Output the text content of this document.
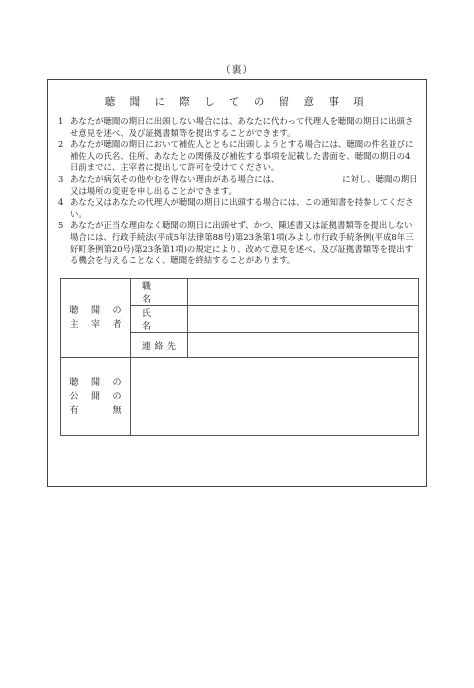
（裏）
聴 聞 に 際 し て の 留 意 事 項
1 あなたが聴聞の期日に出頭しない場合には、あなたに代わって代理人を聴聞の期日に出頭させ意見を述べ、及び証拠書類等を提出することができます。
2 あなたが聴聞の期日において補佐人とともに出頭しようとする場合には、聴聞の件名並びに補佐人の氏名、住所、あなたとの関係及び補佐する事項を記載した書面を、聴聞の期日の4日前までに、主宰者に提出して許可を受けてください。
3 あなたが病気その他やむを得ない理由がある場合には、　　　　　　　　に対し、聴聞の期日又は場所の変更を申し出ることができます。
4 あなた又はあなたの代理人が聴聞の期日に出頭する場合には、この通知書を持参してください。
5 あなたが正当な理由なく聴聞の期日に出頭せず、かつ、陳述書又は証拠書類等を提出しない場合には、行政手続法(平成5年法律第88号)第23条第1項(みよし市行政手続条例(平成8年三好町条例第20号)第23条第1項)の規定により、改めて意見を述べ、及び証拠書類等を提出する機会を与えることなく、聴聞を終結することがあります。
聴　聞　の
主　宰　者	職　　名	
	氏　　名	
	連 絡 先	
聴　聞　の
公　開　の
有　　　無		
